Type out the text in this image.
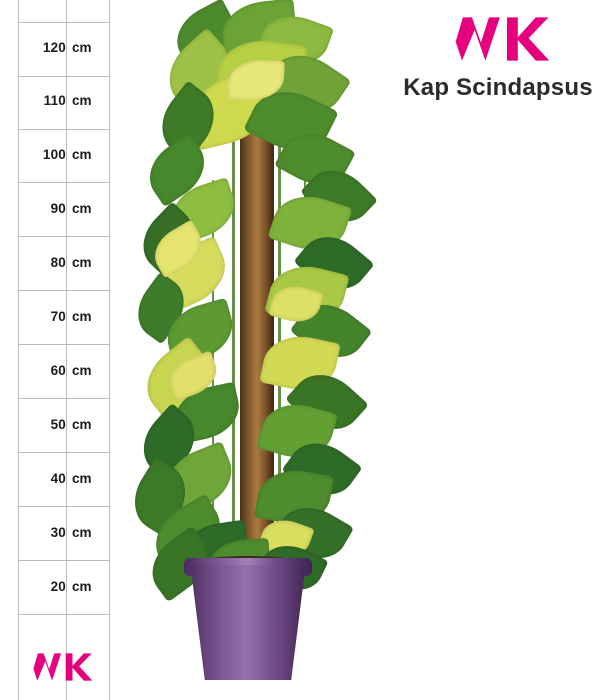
120 cm
110 cm
100 cm
90 cm
80 cm
70 cm
60 cm
50 cm
40 cm
30 cm
20 cm
Kap Scindapsus
